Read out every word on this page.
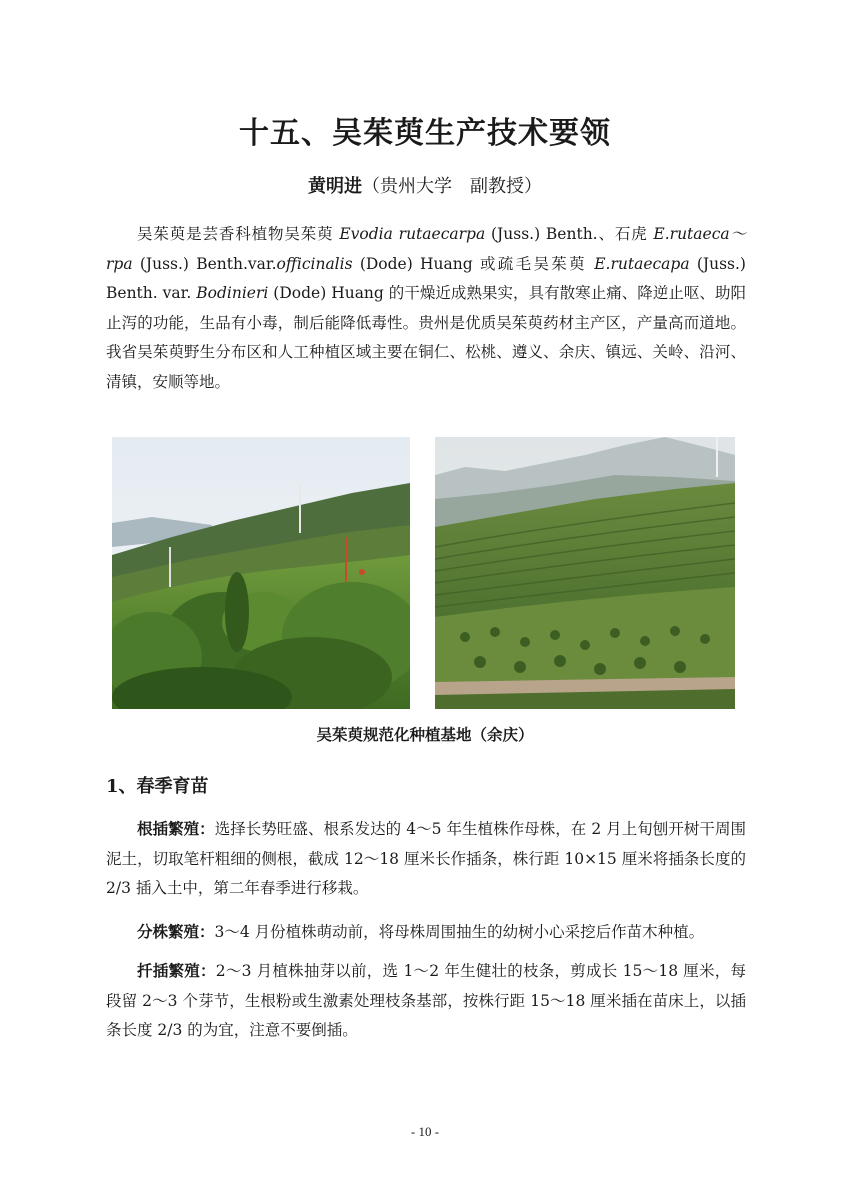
十五、吴茱萸生产技术要领
黄明进（贵州大学　副教授）
吴茱萸是芸香科植物吴茱萸 Evodia rutaecarpa (Juss.) Benth.、石虎 E.rutaeca～rpa (Juss.) Benth.var.officinalis (Dode) Huang 或疏毛吴茱萸 E.rutaecapa (Juss.) Benth. var. Bodinieri (Dode) Huang 的干燥近成熟果实，具有散寒止痛、降逆止呕、助阳止泻的功能，生品有小毒，制后能降低毒性。贵州是优质吴茱萸药材主产区，产量高而道地。我省吴茱萸野生分布区和人工种植区域主要在铜仁、松桃、遵义、余庆、镇远、关岭、沿河、清镇，安顺等地。
吴茱萸规范化种植基地（余庆）
1、春季育苗
根插繁殖：选择长势旺盛、根系发达的 4～5 年生植株作母株，在 2 月上旬刨开树干周围泥土，切取笔杆粗细的侧根，截成 12～18 厘米长作插条，株行距 10×15 厘米将插条长度的 2/3 插入土中，第二年春季进行移栽。
分株繁殖：3～4 月份植株萌动前，将母株周围抽生的幼树小心采挖后作苗木种植。
扦插繁殖：2～3 月植株抽芽以前，选 1～2 年生健壮的枝条，剪成长 15～18 厘米，每段留 2～3 个芽节，生根粉或生激素处理枝条基部，按株行距 15～18 厘米插在苗床上，以插条长度 2/3 的为宜，注意不要倒插。
- 10 -
